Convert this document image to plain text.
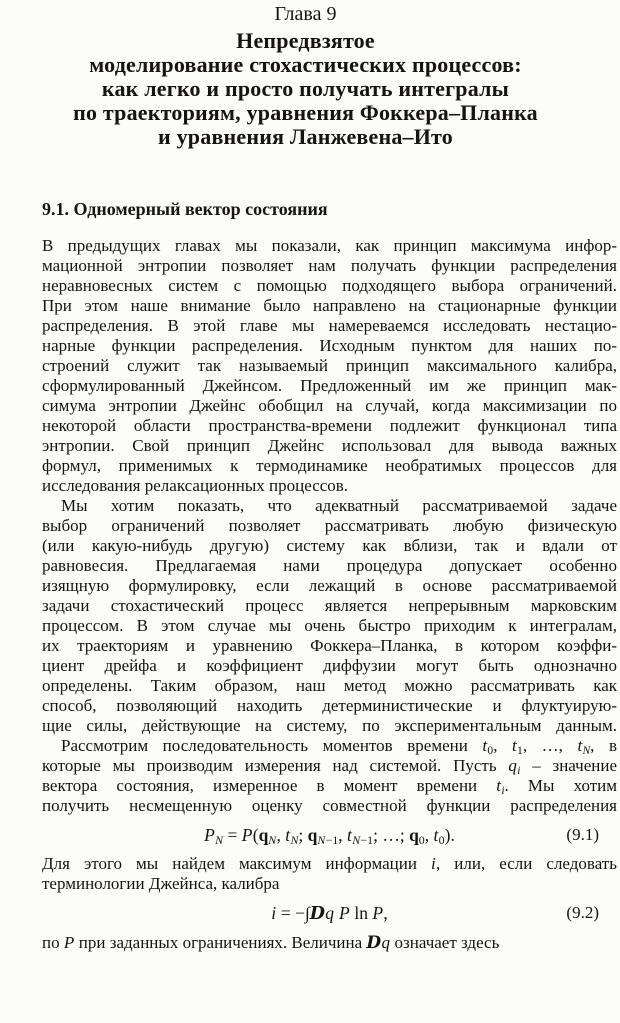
Глава 9
Непредвзятое
моделирование стохастических процессов:
как легко и просто получать интегралы
по траекториям, уравнения Фоккера–Планка
и уравнения Ланжевена–Ито
9.1. Одномерный вектор состояния
В предыдущих главах мы показали, как принцип максимума инфор-
мационной энтропии позволяет нам получать функции распределения
неравновесных систем с помощью подходящего выбора ограничений.
При этом наше внимание было направлено на стационарные функции
распределения. В этой главе мы намереваемся исследовать нестацио-
нарные функции распределения. Исходным пунктом для наших по-
строений служит так называемый принцип максимального калибра,
сформулированный Джейнсом. Предложенный им же принцип мак-
симума энтропии Джейнс обобщил на случай, когда максимизации по
некоторой области пространства-времени подлежит функционал типа
энтропии. Свой принцип Джейнс использовал для вывода важных
формул, применимых к термодинамике необратимых процессов для
исследования релаксационных процессов.
Мы хотим показать, что адекватный рассматриваемой задаче
выбор ограничений позволяет рассматривать любую физическую
(или какую-нибудь другую) систему как вблизи, так и вдали от
равновесия. Предлагаемая нами процедура допускает особенно
изящную формулировку, если лежащий в основе рассматриваемой
задачи стохастический процесс является непрерывным марковским
процессом. В этом случае мы очень быстро приходим к интегралам,
их траекториям и уравнению Фоккера–Планка, в котором коэффи-
циент дрейфа и коэффициент диффузии могут быть однозначно
определены. Таким образом, наш метод можно рассматривать как
способ, позволяющий находить детерминистические и флуктуирую-
щие силы, действующие на систему, по экспериментальным данным.
Рассмотрим последовательность моментов времени $t_0$, $t_1$, …, $t_N$, в
которые мы производим измерения над системой. Пусть $q_i$ – значение
вектора состояния, измеренное в момент времени $t_i$. Мы хотим
получить несмещенную оценку совместной функции распределения
$P_N = P(q_N$, $t_N$; $q_{N-1}$, $t_{N-1}$; …; $q_0$, $t_0$).	(9.1)
Для этого мы найдем максимум информации i, или, если следовать
терминологии Джейнса, калибра
i = −∫Dq P ln P,	(9.2)
по P при заданных ограничениях. Величина Dq означает здесь
